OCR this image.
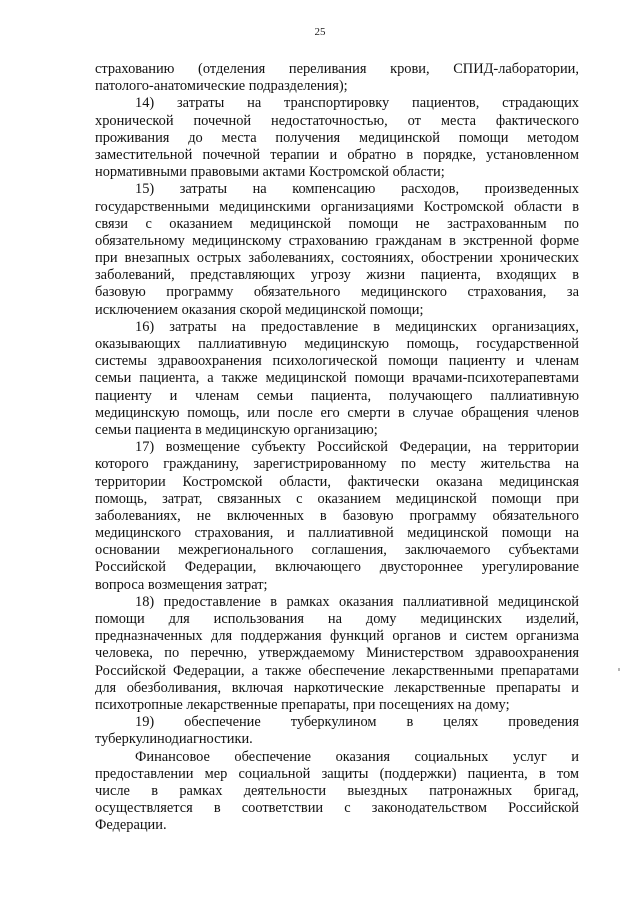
25
страхованию (отделения переливания крови, СПИД-лаборатории,
патолого-анатомические подразделения);
14) затраты на транспортировку пациентов, страдающих
хронической почечной недостаточностью, от места фактического
проживания до места получения медицинской помощи методом
заместительной почечной терапии и обратно в порядке, установленном
нормативными правовыми актами Костромской области;
15) затраты на компенсацию расходов, произведенных
государственными медицинскими организациями Костромской области в
связи с оказанием медицинской помощи не застрахованным по
обязательному медицинскому страхованию гражданам в экстренной форме
при внезапных острых заболеваниях, состояниях, обострении хронических
заболеваний, представляющих угрозу жизни пациента, входящих в
базовую программу обязательного медицинского страхования, за
исключением оказания скорой медицинской помощи;
16) затраты на предоставление в медицинских организациях,
оказывающих паллиативную медицинскую помощь, государственной
системы здравоохранения психологической помощи пациенту и членам
семьи пациента, а также медицинской помощи врачами-психотерапевтами
пациенту и членам семьи пациента, получающего паллиативную
медицинскую помощь, или после его смерти в случае обращения членов
семьи пациента в медицинскую организацию;
17) возмещение субъекту Российской Федерации, на территории
которого гражданину, зарегистрированному по месту жительства на
территории Костромской области, фактически оказана медицинская
помощь, затрат, связанных с оказанием медицинской помощи при
заболеваниях, не включенных в базовую программу обязательного
медицинского страхования, и паллиативной медицинской помощи на
основании межрегионального соглашения, заключаемого субъектами
Российской Федерации, включающего двустороннее урегулирование
вопроса возмещения затрат;
18) предоставление в рамках оказания паллиативной медицинской
помощи для использования на дому медицинских изделий,
предназначенных для поддержания функций органов и систем организма
человека, по перечню, утверждаемому Министерством здравоохранения
Российской Федерации, а также обеспечение лекарственными препаратами
для обезболивания, включая наркотические лекарственные препараты и
психотропные лекарственные препараты, при посещениях на дому;
19) обеспечение туберкулином в целях проведения
туберкулинодиагностики.
Финансовое обеспечение оказания социальных услуг и
предоставлении мер социальной защиты (поддержки) пациента, в том
числе в рамках деятельности выездных патронажных бригад,
осуществляется в соответствии с законодательством Российской
Федерации.
